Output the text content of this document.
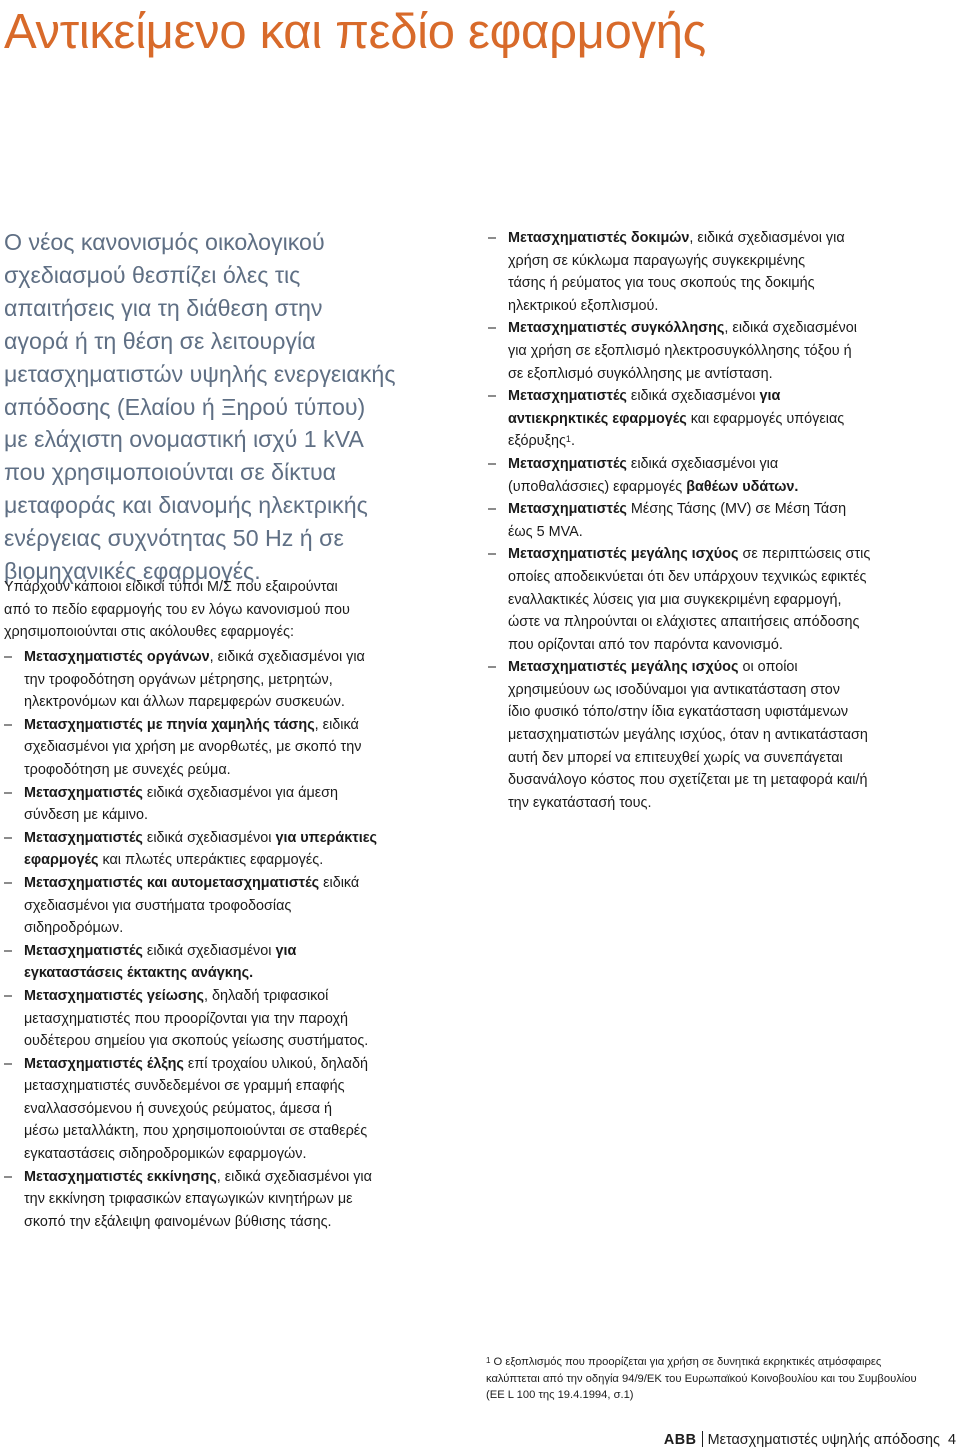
Αντικείμενο και πεδίο εφαρμογής
Ο νέος κανονισμός οικολογικού
σχεδιασμού θεσπίζει όλες τις
απαιτήσεις για τη διάθεση στην
αγορά ή τη θέση σε λειτουργία
μετασχηματιστών υψηλής ενεργειακής
απόδοσης (Ελαίου ή Ξηρού τύπου)
με ελάχιστη ονομαστική ισχύ 1 kVA
που χρησιμοποιούνται σε δίκτυα
μεταφοράς και διανομής ηλεκτρικής
ενέργειας συχνότητας 50 Hz ή σε
βιομηχανικές εφαρμογές.
Υπάρχουν κάποιοι ειδικοί τύποι Μ/Σ που εξαιρούνται
από το πεδίο εφαρμογής του εν λόγω κανονισμού που
χρησιμοποιούνται στις ακόλουθες εφαρμογές:
– Μετασχηματιστές οργάνων, ειδικά σχεδιασμένοι για
την τροφοδότηση οργάνων μέτρησης, μετρητών,
ηλεκτρονόμων και άλλων παρεμφερών συσκευών.
– Μετασχηματιστές με πηνία χαμηλής τάσης, ειδικά
σχεδιασμένοι για χρήση με ανορθωτές, με σκοπό την
τροφοδότηση με συνεχές ρεύμα.
– Μετασχηματιστές ειδικά σχεδιασμένοι για άμεση
σύνδεση με κάμινο.
– Μετασχηματιστές ειδικά σχεδιασμένοι για υπεράκτιες
εφαρμογές και πλωτές υπεράκτιες εφαρμογές.
– Μετασχηματιστές και αυτομετασχηματιστές ειδικά
σχεδιασμένοι για συστήματα τροφοδοσίας
σιδηροδρόμων.
– Μετασχηματιστές ειδικά σχεδιασμένοι για
εγκαταστάσεις έκτακτης ανάγκης.
– Μετασχηματιστές γείωσης, δηλαδή τριφασικοί
μετασχηματιστές που προορίζονται για την παροχή
ουδέτερου σημείου για σκοπούς γείωσης συστήματος.
– Μετασχηματιστές έλξης επί τροχαίου υλικού, δηλαδή
μετασχηματιστές συνδεδεμένοι σε γραμμή επαφής
εναλλασσόμενου ή συνεχούς ρεύματος, άμεσα ή
μέσω μεταλλάκτη, που χρησιμοποιούνται σε σταθερές
εγκαταστάσεις σιδηροδρομικών εφαρμογών.
– Μετασχηματιστές εκκίνησης, ειδικά σχεδιασμένοι για
την εκκίνηση τριφασικών επαγωγικών κινητήρων με
σκοπό την εξάλειψη φαινομένων βύθισης τάσης.
– Μετασχηματιστές δοκιμών, ειδικά σχεδιασμένοι για
χρήση σε κύκλωμα παραγωγής συγκεκριμένης
τάσης ή ρεύματος για τους σκοπούς της δοκιμής
ηλεκτρικού εξοπλισμού.
– Μετασχηματιστές συγκόλλησης, ειδικά σχεδιασμένοι
για χρήση σε εξοπλισμό ηλεκτροσυγκόλλησης τόξου ή
σε εξοπλισμό συγκόλλησης με αντίσταση.
– Μετασχηματιστές ειδικά σχεδιασμένοι για
αντιεκρηκτικές εφαρμογές και εφαρμογές υπόγειας
εξόρυξης$^1$.
– Μετασχηματιστές ειδικά σχεδιασμένοι για
(υποθαλάσσιες) εφαρμογές βαθέων υδάτων.
– Μετασχηματιστές Μέσης Τάσης (MV) σε Μέση Τάση
έως 5 MVA.
– Μετασχηματιστές μεγάλης ισχύος σε περιπτώσεις στις
οποίες αποδεικνύεται ότι δεν υπάρχουν τεχνικώς εφικτές
εναλλακτικές λύσεις για μια συγκεκριμένη εφαρμογή,
ώστε να πληρούνται οι ελάχιστες απαιτήσεις απόδοσης
που ορίζονται από τον παρόντα κανονισμό.
– Μετασχηματιστές μεγάλης ισχύος οι οποίοι
χρησιμεύουν ως ισοδύναμοι για αντικατάσταση στον
ίδιο φυσικό τόπο/στην ίδια εγκατάσταση υφιστάμενων
μετασχηματιστών μεγάλης ισχύος, όταν η αντικατάσταση
αυτή δεν μπορεί να επιτευχθεί χωρίς να συνεπάγεται
δυσανάλογο κόστος που σχετίζεται με τη μεταφορά και/ή
την εγκατάστασή τους.
$^1$ Ο εξοπλισμός που προορίζεται για χρήση σε δυνητικά εκρηκτικές ατμόσφαιρες
καλύπτεται από την οδηγία 94/9/ΕΚ του Ευρωπαϊκού Κοινοβουλίου και του Συμβουλίου
(ΕΕ L 100 της 19.4.1994, σ.1)
ABB Μετασχηματιστές υψηλής απόδοσης 4
